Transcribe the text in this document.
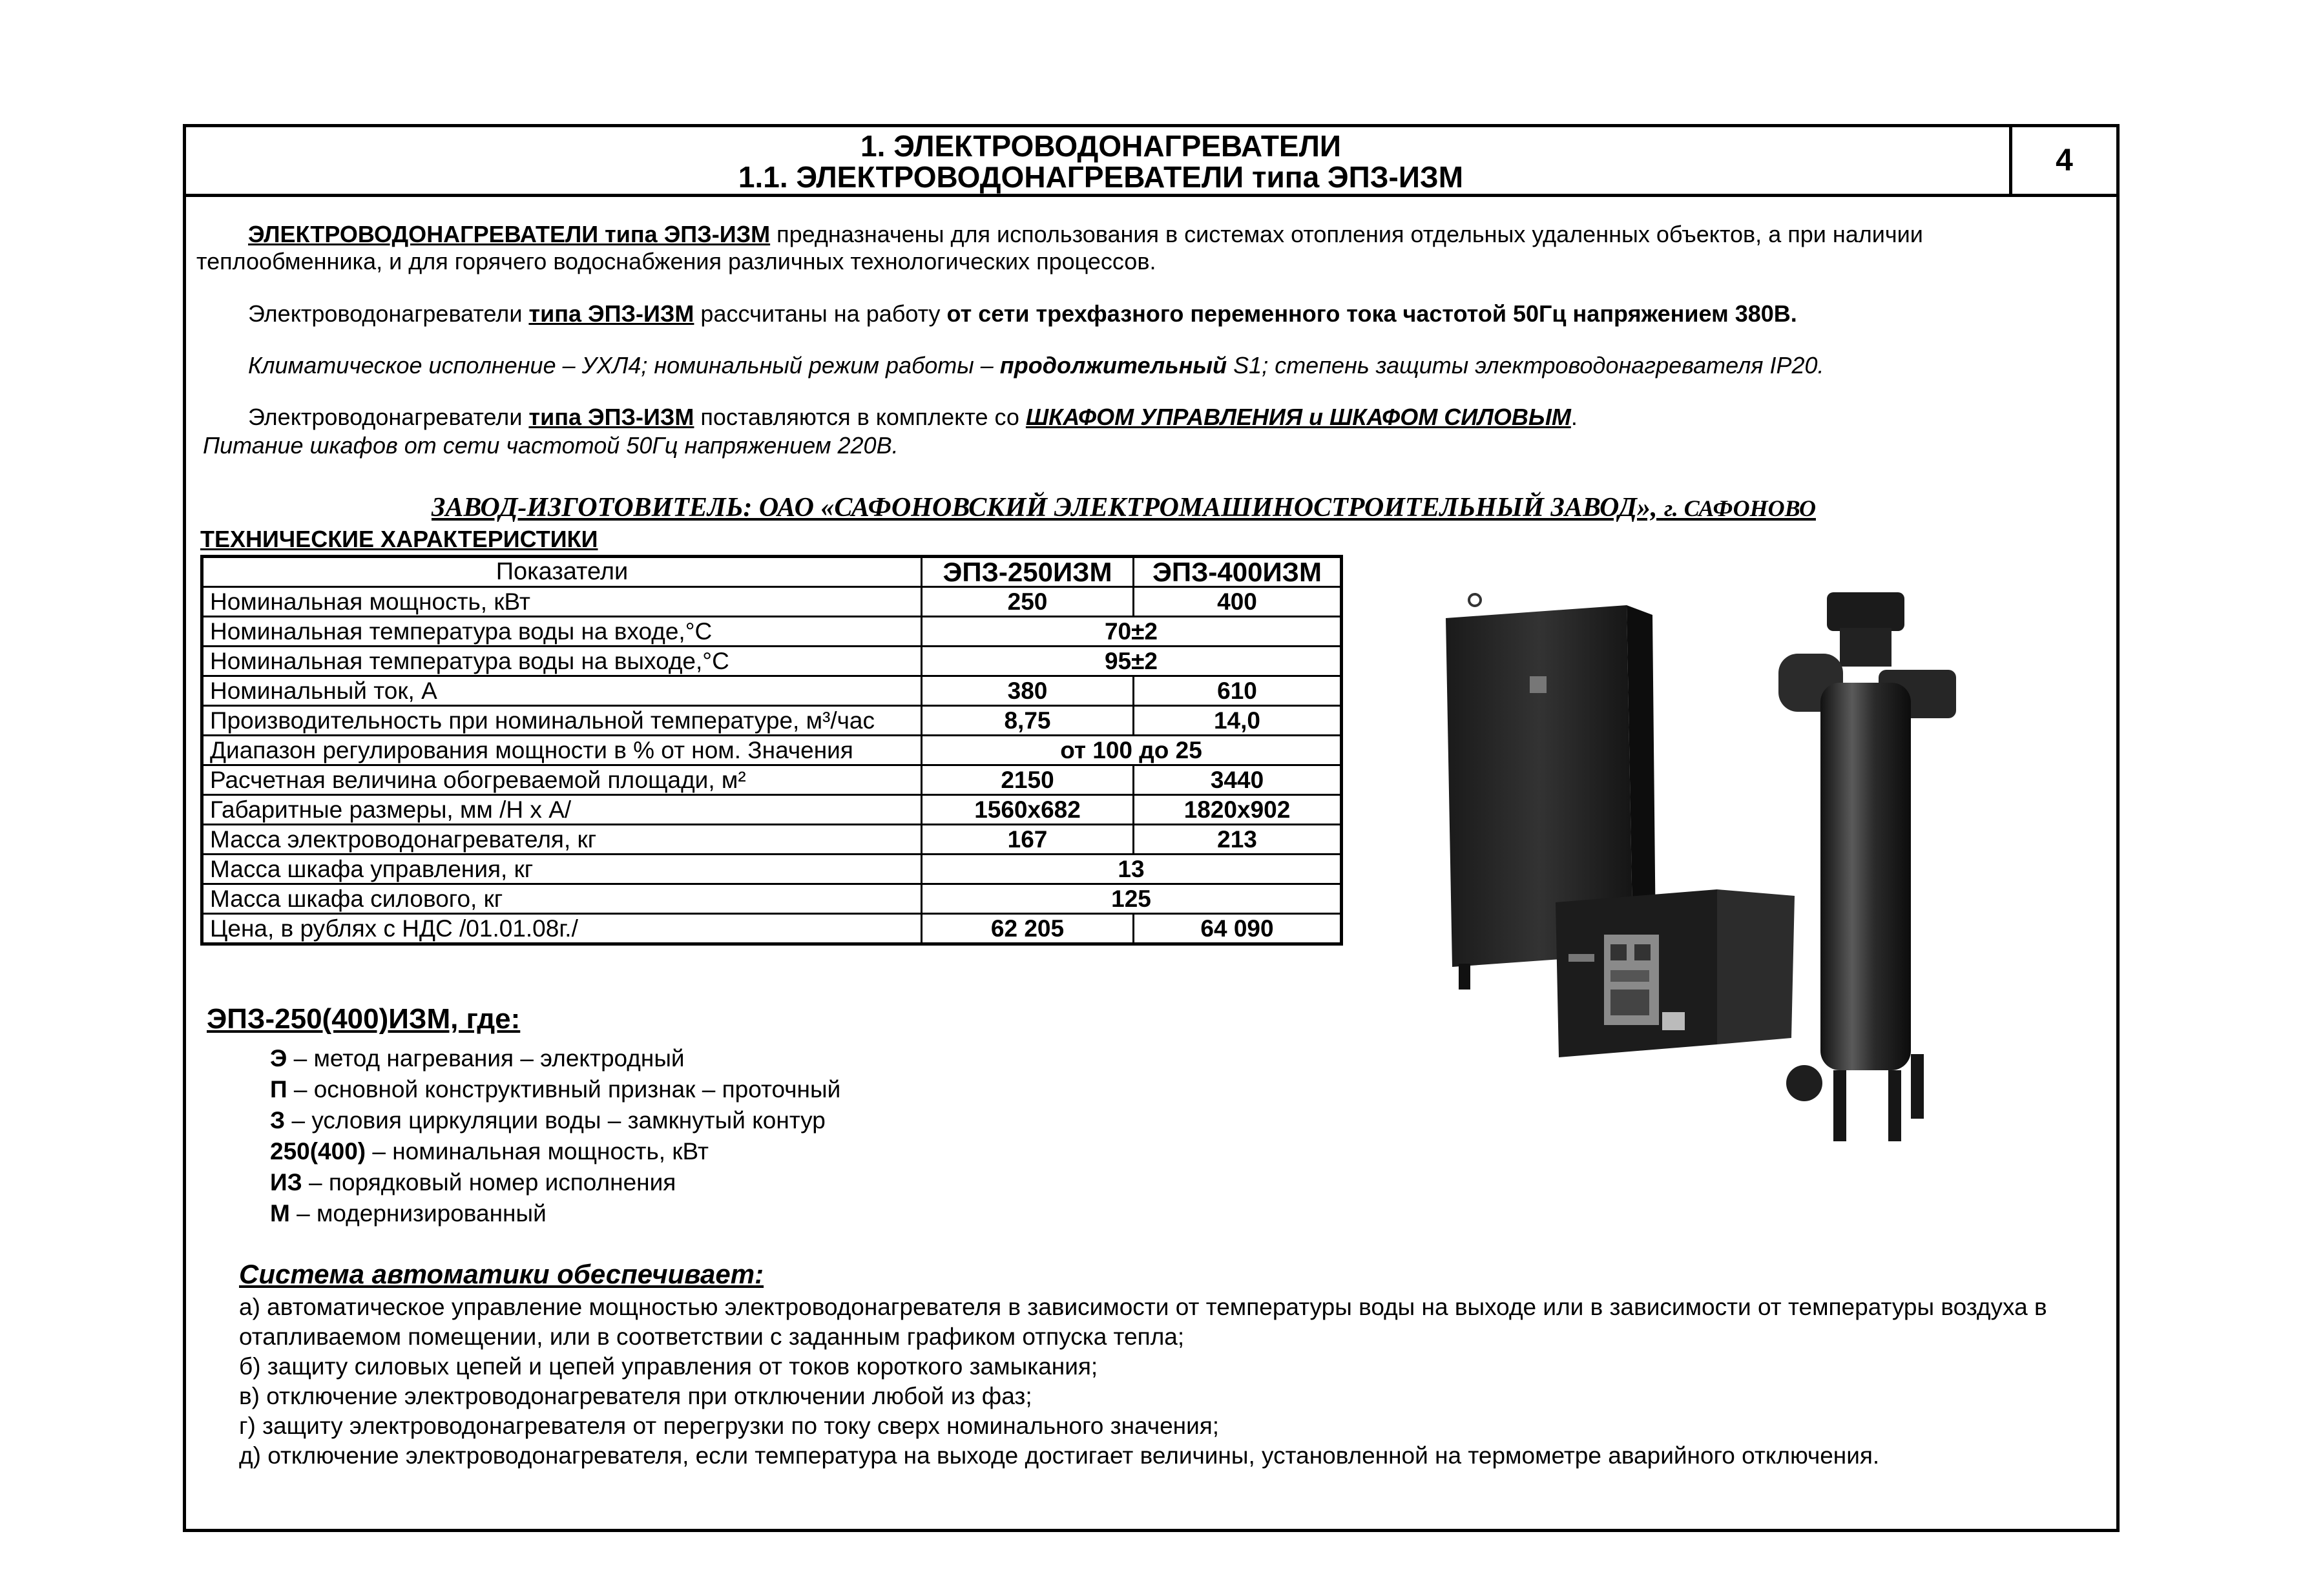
1. ЭЛЕКТРОВОДОНАГРЕВАТЕЛИ
1.1. ЭЛЕКТРОВОДОНАГРЕВАТЕЛИ типа ЭПЗ-ИЗМ	4
ЭЛЕКТРОВОДОНАГРЕВАТЕЛИ типа ЭПЗ-ИЗМ предназначены для использования в системах отопления отдельных удаленных объектов, а при наличии теплообменника, и для горячего водоснабжения различных технологических процессов.
Электроводонагреватели типа ЭПЗ-ИЗМ рассчитаны на работу от сети трехфазного переменного тока частотой 50Гц напряжением 380В.
Климатическое исполнение – УХЛ4; номинальный режим работы – продолжительный S1; степень защиты электроводонагревателя IP20.
Электроводонагреватели типа ЭПЗ-ИЗМ поставляются в комплекте со ШКАФОМ УПРАВЛЕНИЯ и ШКАФОМ СИЛОВЫМ.
Питание шкафов от сети частотой 50Гц напряжением 220В.
ЗАВОД-ИЗГОТОВИТЕЛЬ: ОАО «САФОНОВСКИЙ ЭЛЕКТРОМАШИНОСТРОИТЕЛЬНЫЙ ЗАВОД», г. САФОНОВО
ТЕХНИЧЕСКИЕ ХАРАКТЕРИСТИКИ
Показатели	ЭПЗ-250ИЗМ	ЭПЗ-400ИЗМ
Номинальная мощность, кВт	250	400
Номинальная температура воды на входе,°С	70±2	
Номинальная температура воды на выходе,°С	95±2	
Номинальный ток, А	380	610
Производительность при номинальной температуре, м³/час	8,75	14,0
Диапазон регулирования мощности в % от ном. Значения	от 100 до 25	
Расчетная величина обогреваемой площади, м²	2150	3440
Габаритные размеры, мм /Н х А/	1560x682	1820x902
Масса электроводонагревателя, кг	167	213
Масса шкафа управления, кг	13	
Масса шкафа силового, кг	125	
Цена, в рублях с НДС /01.01.08г./	62 205	64 090
ЭПЗ-250(400)ИЗМ, где:
Э – метод нагревания – электродный
П – основной конструктивный признак – проточный
З – условия циркуляции воды – замкнутый контур
250(400) – номинальная мощность, кВт
ИЗ – порядковый номер исполнения
М – модернизированный
Система автоматики обеспечивает:
а) автоматическое управление мощностью электроводонагревателя в зависимости от температуры воды на выходе или в зависимости от температуры воздуха в отапливаемом помещении, или в соответствии с заданным графиком отпуска тепла;
б) защиту силовых цепей и цепей управления от токов короткого замыкания;
в) отключение электроводонагревателя при отключении любой из фаз;
г) защиту электроводонагревателя от перегрузки по току сверх номинального значения;
д) отключение электроводонагревателя, если температура на выходе достигает величины, установленной на термометре аварийного отключения.
